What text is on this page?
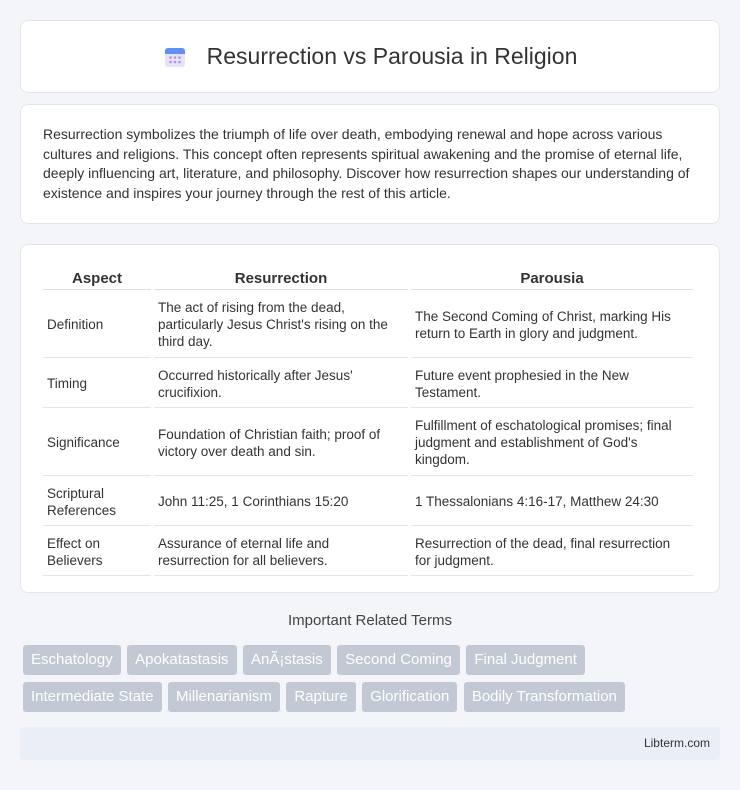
Resurrection vs Parousia in Religion

Resurrection symbolizes the triumph of life over death, embodying renewal and hope across various cultures and religions. This concept often represents spiritual awakening and the promise of eternal life, deeply influencing art, literature, and philosophy. Discover how resurrection shapes our understanding of existence and inspires your journey through the rest of this article.

Aspect	Resurrection	Parousia
Definition	The act of rising from the dead, particularly Jesus Christ's rising on the third day.	The Second Coming of Christ, marking His return to Earth in glory and judgment.
Timing	Occurred historically after Jesus' crucifixion.	Future event prophesied in the New Testament.
Significance	Foundation of Christian faith; proof of victory over death and sin.	Fulfillment of eschatological promises; final judgment and establishment of God's kingdom.
Scriptural References	John 11:25, 1 Corinthians 15:20	1 Thessalonians 4:16-17, Matthew 24:30
Effect on Believers	Assurance of eternal life and resurrection for all believers.	Resurrection of the dead, final resurrection for judgment.
Important Related Terms
Eschatology Apokatastasis AnÃ¡stasis Second Coming Final Judgment
Intermediate State Millenarianism Rapture Glorification Bodily Transformation
Libterm.com
